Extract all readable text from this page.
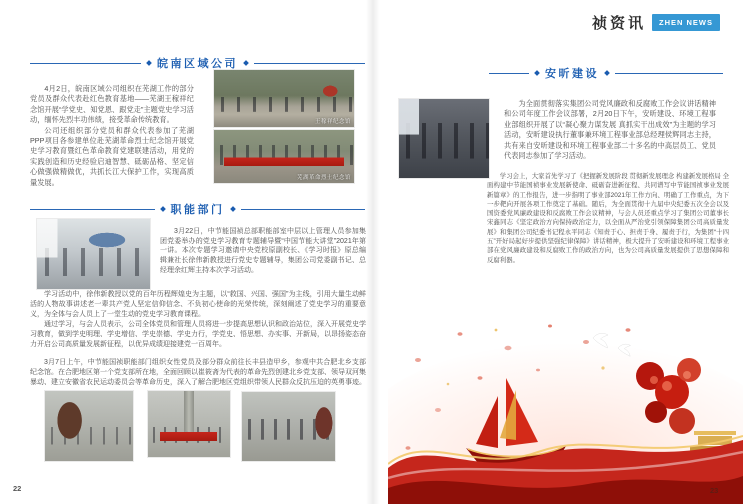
祯资讯	ZHEN NEWS
皖南区域公司

4月2日，皖南区域公司组织在芜湖工作的部分党员及群众代表赴红色教育基地——芜湖王稼祥纪念馆开展“学党史、知党恩、跟党走”主题党史学习活动，缅怀先烈丰功伟绩，接受革命传统教育。

公司还组织部分党员和群众代表参加了芜湖PPP项目各参建单位赴芜湖革命烈士纪念馆开展党史学习教育暨红色革命教育党建联建活动，用党的实践创造和历史经验启迪智慧、砥砺品格、坚定信心做强做精做优，共抓长江大保护工作，实现高质量发展。

王稼祥纪念馆
芜湖革命烈士纪念馆
职能部门

3月22日，中节能国祯总部职能部室中层以上管理人员参加集团党委举办的党史学习教育专题辅导暨“中国节能大讲堂”2021年第一讲。本次专题学习邀请中央党校原副校长、《学习时报》原总编辑兼社长徐伟新教授进行党史专题辅导，集团公司党委副书记、总经理余红辉主持本次学习活动。

学习活动中，徐伟新教授以党的百年历程辉煌史为主题，以“救国、兴国、强国”为主线，引用大量生动鲜活的人物故事讲述老一辈共产党人坚定信仰信念、不负初心使命的光荣传统，深刻阐述了党史学习的重要意义，为全体与会人员上了一堂生动的党史学习教育课程。

通过学习，与会人员表示，公司全体党员和管理人员将进一步提高思想认识和政治站位，深入开展党史学习教育，做到学史明理、学史增信、学史崇德、学史力行，学党史、悟思想、办实事、开新局，以昂扬姿态奋力开启公司高质量发展新征程，以优异成绩迎接建党一百周年。

3月7日上午，中节能国祯职能部门组织女性党员及部分群众前往长丰县造甲乡，参观中共合肥北乡支部纪念馆。在合肥地区第一个党支部所在地，全面回顾以崔筱斋为代表的革命先烈创建北乡党支部、领导双河集暴动、建立安徽省农民运动委员会等革命历史，深入了解合肥地区党组织带领人民群众反抗压迫的英勇事迹。

22
安昕建设

为全面贯彻落实集团公司党风廉政和反腐败工作会议讲话精神和公司年度工作会议部署，2月20日下午，安昕建设、环境工程事业部组织开展了以“凝心聚力谋发展 真抓实干出成效”为主题的学习活动，安昕建设执行董事兼环境工程事业部总经理侯辉同志主持，共有来自安昕建设和环境工程事业部二十多名的中高层员工、党员代表同志参加了学习活动。

学习会上，大家首先学习了《把握新发展阶段 贯彻新发展理念 构建新发展格局 全面构建中节能国祯事业发展新使命、砥砺奋进新征程、共同谱写中节能国祯事业发展新篇章》的工作报告，进一步指明了事业部2021年工作方向、明确了工作重点，为下一步靶向开展各项工作奠定了基础。随后，为全面贯彻十九届中央纪委五次全会以及国资委党风廉政建设和反腐败工作会议精神，与会人员还重点学习了集团公司董事长宋鑫同志《坚定政治方向保持政治定力，以全面从严治党引领保障集团公司高质量发展》和集团公司纪委书记程永平同志《知责于心、担责于身、履责于行，为集团“十四五”开好局起好步提供坚强纪律保障》讲话精神，极大提升了安昕建设和环境工程事业部在党风廉政建设和反腐败工作的政治方向，也为公司高质量发展提供了思想保障和反腐利器。

23
